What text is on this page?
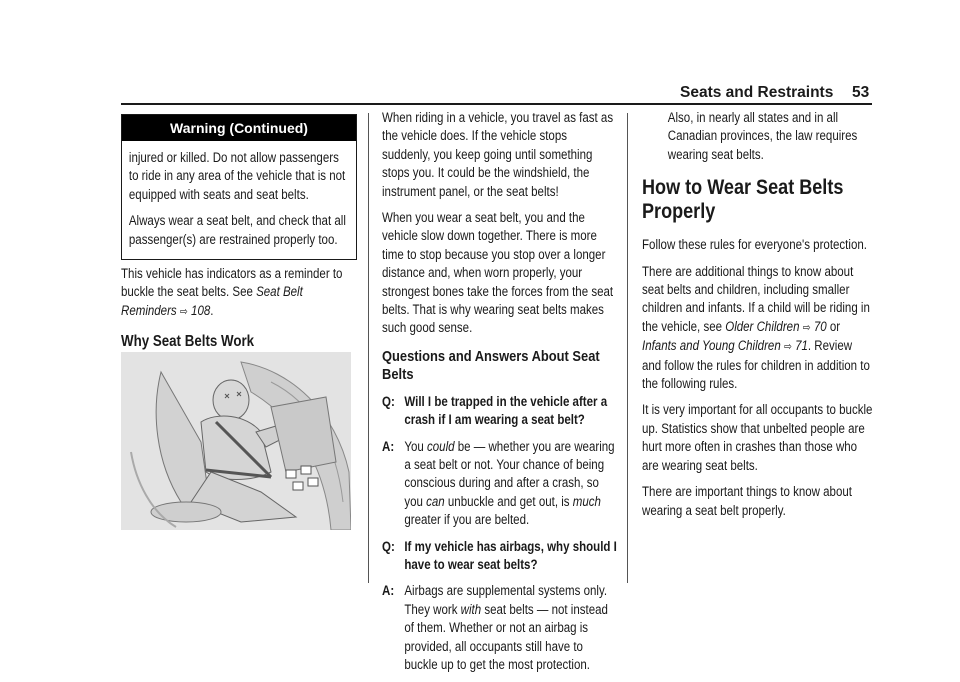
Seats and Restraints 53
Warning (Continued)

injured or killed. Do not allow passengers to ride in any area of the vehicle that is not equipped with seats and seat belts.

Always wear a seat belt, and check that all passenger(s) are restrained properly too.

This vehicle has indicators as a reminder to buckle the seat belts. See Seat Belt Reminders ⇨ 108.

Why Seat Belts Work

When riding in a vehicle, you travel as fast as the vehicle does. If the vehicle stops suddenly, you keep going until something stops you. It could be the windshield, the instrument panel, or the seat belts!

When you wear a seat belt, you and the vehicle slow down together. There is more time to stop because you stop over a longer distance and, when worn properly, your strongest bones take the forces from the seat belts. That is why wearing seat belts makes such good sense.

Questions and Answers About Seat Belts

Q: Will I be trapped in the vehicle after a crash if I am wearing a seat belt?
A: You could be — whether you are wearing a seat belt or not. Your chance of being conscious during and after a crash, so you can unbuckle and get out, is much greater if you are belted.
Q: If my vehicle has airbags, why should I have to wear seat belts?
A: Airbags are supplemental systems only. They work with seat belts — not instead of them. Whether or not an airbag is provided, all occupants still have to buckle up to get the most protection.

Also, in nearly all states and in all Canadian provinces, the law requires wearing seat belts.

How to Wear Seat Belts Properly

Follow these rules for everyone's protection.

There are additional things to know about seat belts and children, including smaller children and infants. If a child will be riding in the vehicle, see Older Children ⇨ 70 or Infants and Young Children ⇨ 71. Review and follow the rules for children in addition to the following rules.

It is very important for all occupants to buckle up. Statistics show that unbelted people are hurt more often in crashes than those who are wearing seat belts.

There are important things to know about wearing a seat belt properly.
